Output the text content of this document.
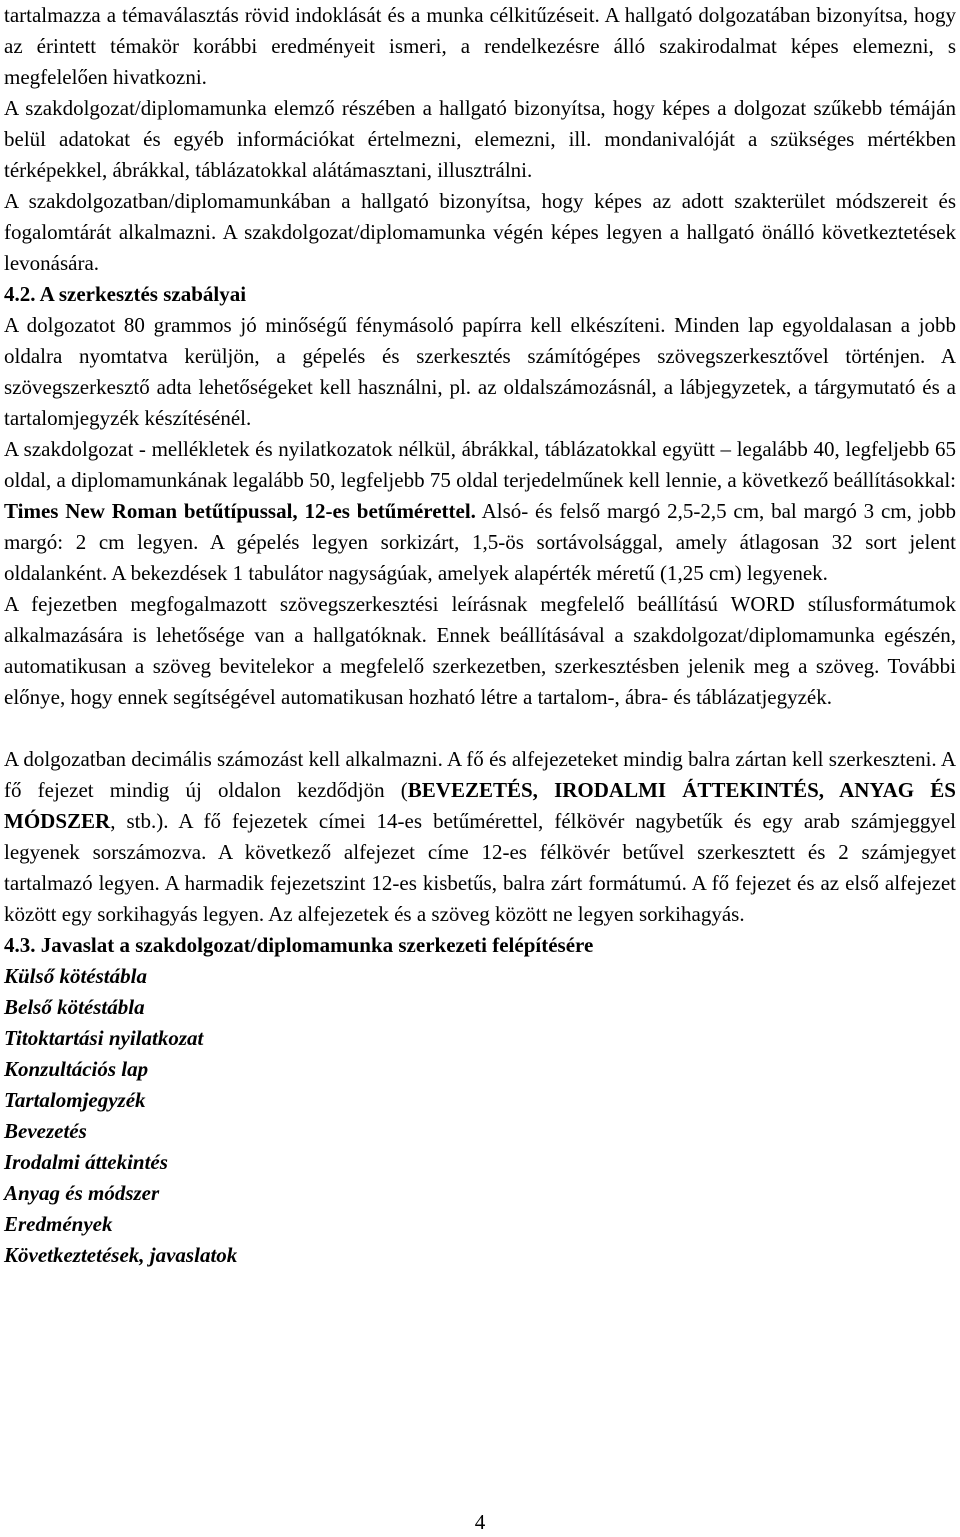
tartalmazza a témaválasztás rövid indoklását és a munka célkitűzéseit. A hallgató dolgozatában bizonyítsa, hogy az érintett témakör korábbi eredményeit ismeri, a rendelkezésre álló szakirodalmat képes elemezni, s megfelelően hivatkozni.

A szakdolgozat/diplomamunka elemző részében a hallgató bizonyítsa, hogy képes a dolgozat szűkebb témáján belül adatokat és egyéb információkat értelmezni, elemezni, ill. mondanivalóját a szükséges mértékben térképekkel, ábrákkal, táblázatokkal alátámasztani, illusztrálni.

A szakdolgozatban/diplomamunkában a hallgató bizonyítsa, hogy képes az adott szakterület módszereit és fogalomtárát alkalmazni. A szakdolgozat/diplomamunka végén képes legyen a hallgató önálló következtetések levonására.

4.2. A szerkesztés szabályai

A dolgozatot 80 grammos jó minőségű fénymásoló papírra kell elkészíteni. Minden lap egyoldalasan a jobb oldalra nyomtatva kerüljön, a gépelés és szerkesztés számítógépes szövegszerkesztővel történjen. A szövegszerkesztő adta lehetőségeket kell használni, pl. az oldalszámozásnál, a lábjegyzetek, a tárgymutató és a tartalomjegyzék készítésénél.

A szakdolgozat - mellékletek és nyilatkozatok nélkül, ábrákkal, táblázatokkal együtt ‒ legalább 40, legfeljebb 65 oldal, a diplomamunkának legalább 50, legfeljebb 75 oldal terjedelműnek kell lennie, a következő beállításokkal: Times New Roman betűtípussal, 12-es betűmérettel. Alsó- és felső margó 2,5-2,5 cm, bal margó 3 cm, jobb margó: 2 cm legyen. A gépelés legyen sorkizárt, 1,5-ös sortávolsággal, amely átlagosan 32 sort jelent oldalanként. A bekezdések 1 tabulátor nagyságúak, amelyek alapérték méretű (1,25 cm) legyenek.

A fejezetben megfogalmazott szövegszerkesztési leírásnak megfelelő beállítású WORD stílusformátumok alkalmazására is lehetősége van a hallgatóknak. Ennek beállításával a szakdolgozat/diplomamunka egészén, automatikusan a szöveg bevitelekor a megfelelő szerkezetben, szerkesztésben jelenik meg a szöveg. További előnye, hogy ennek segítségével automatikusan hozható létre a tartalom-, ábra- és táblázatjegyzék.

A dolgozatban decimális számozást kell alkalmazni. A fő és alfejezeteket mindig balra zártan kell szerkeszteni. A fő fejezet mindig új oldalon kezdődjön (BEVEZETÉS, IRODALMI ÁTTEKINTÉS, ANYAG ÉS MÓDSZER, stb.). A fő fejezetek címei 14-es betűmérettel, félkövér nagybetűk és egy arab számjeggyel legyenek sorszámozva. A következő alfejezet címe 12-es félkövér betűvel szerkesztett és 2 számjegyet tartalmazó legyen. A harmadik fejezetszint 12-es kisbetűs, balra zárt formátumú. A fő fejezet és az első alfejezet között egy sorkihagyás legyen. Az alfejezetek és a szöveg között ne legyen sorkihagyás.

4.3. Javaslat a szakdolgozat/diplomamunka szerkezeti felépítésére
Külső kötéstábla
Belső kötéstábla
Titoktartási nyilatkozat
Konzultációs lap
Tartalomjegyzék
Bevezetés
Irodalmi áttekintés
Anyag és módszer
Eredmények
Következtetések, javaslatok
4
